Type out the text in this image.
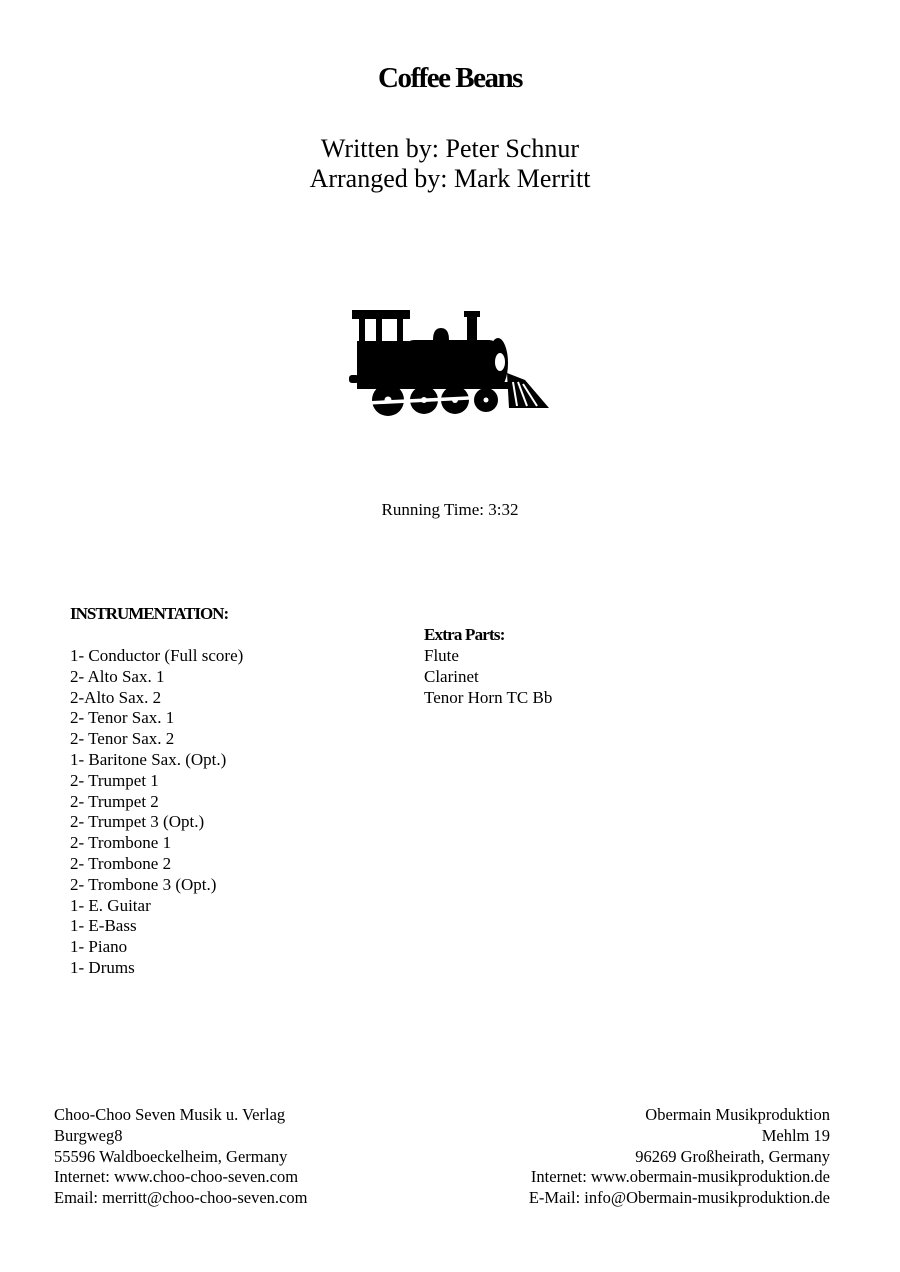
Coffee Beans
Written by: Peter Schnur
Arranged by: Mark Merritt
Running Time: 3:32
INSTRUMENTATION:
1- Conductor (Full score)
2- Alto Sax. 1
2-Alto Sax. 2
2- Tenor Sax. 1
2- Tenor Sax. 2
1- Baritone Sax. (Opt.)
2- Trumpet 1
2- Trumpet 2
2- Trumpet 3 (Opt.)
2- Trombone 1
2- Trombone 2
2- Trombone 3 (Opt.)
1- E. Guitar
1- E-Bass
1- Piano
1- Drums
Extra Parts:
Flute
Clarinet
Tenor Horn TC Bb
Choo-Choo Seven Musik u. Verlag
Burgweg8
55596 Waldboeckelheim, Germany
Internet: www.choo-choo-seven.com
Email: merritt@choo-choo-seven.com
Obermain Musikproduktion
Mehlm 19
96269 Großheirath, Germany
Internet: www.obermain-musikproduktion.de
E-Mail: info@Obermain-musikproduktion.de
